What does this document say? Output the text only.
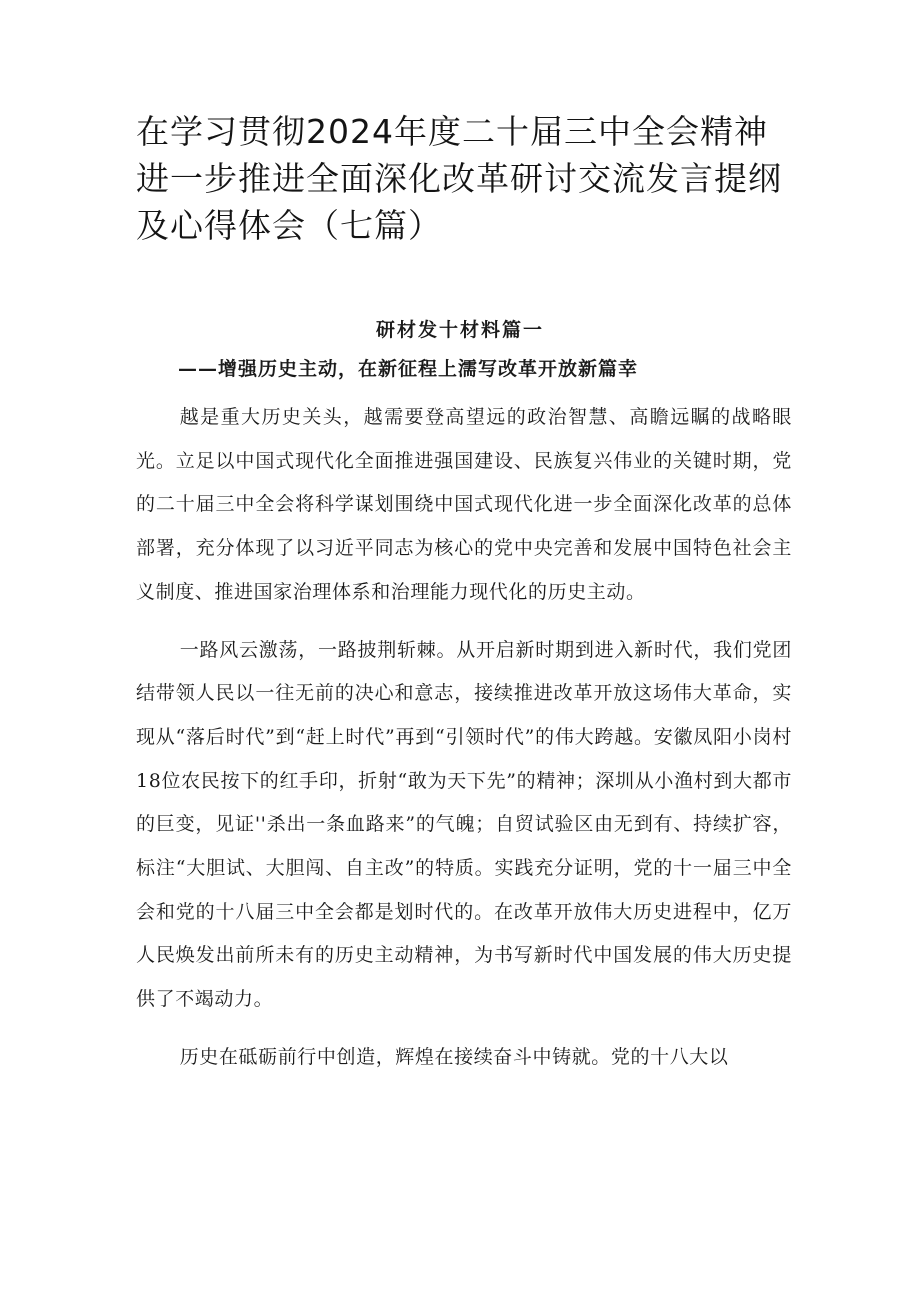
在学习贯彻2024年度二十届三中全会精神进一步推进全面深化改革研讨交流发言提纲及心得体会（七篇）
研材发十材料篇一
——增强历史主动，在新征程上濡写改革开放新篇幸

越是重大历史关头，越需要登高望远的政治智慧、高瞻远瞩的战略眼光。立足以中国式现代化全面推进强国建设、民族复兴伟业的关键时期，党的二十届三中全会将科学谋划围绕中国式现代化进一步全面深化改革的总体部署，充分体现了以习近平同志为核心的党中央完善和发展中国特色社会主义制度、推进国家治理体系和治理能力现代化的历史主动。

一路风云激荡，一路披荆斩棘。从开启新时期到进入新时代，我们党团结带领人民以一往无前的决心和意志，接续推进改革开放这场伟大革命，实现从“落后时代”到“赶上时代”再到“引领时代”的伟大跨越。安徽凤阳小岗村18位农民按下的红手印，折射“敢为天下先”的精神；深圳从小渔村到大都市的巨变，见证''杀出一条血路来”的气魄；自贸试验区由无到有、持续扩容，标注“大胆试、大胆闯、自主改”的特质。实践充分证明，党的十一届三中全会和党的十八届三中全会都是划时代的。在改革开放伟大历史进程中，亿万人民焕发出前所未有的历史主动精神，为书写新时代中国发展的伟大历史提供了不竭动力。

历史在砥砺前行中创造，辉煌在接续奋斗中铸就。党的十八大以
